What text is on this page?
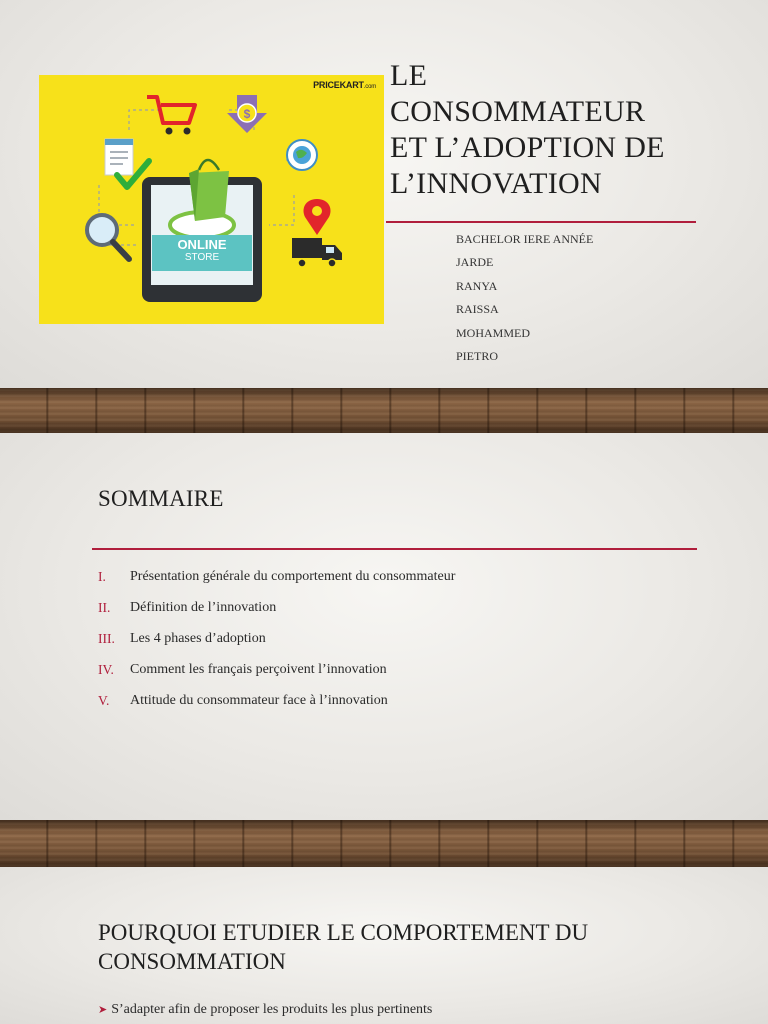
$
ONLINE
STORE
PRICEKART.com LE
CONSOMMATEUR
ET L’ADOPTION DE
L’INNOVATION
BACHELOR IERE ANNÉE
JARDE
RANYA
RAISSA
MOHAMMED
PIETRO
SOMMAIRE
I. Présentation générale du comportement du consommateur
II. Définition de l’innovation
III. Les 4 phases d’adoption
IV. Comment les français perçoivent l’innovation
V. Attitude du consommateur face à l’innovation
POURQUOI ETUDIER LE COMPORTEMENT DU
CONSOMMATION
➤ S’adapter afin de proposer les produits les plus pertinents
